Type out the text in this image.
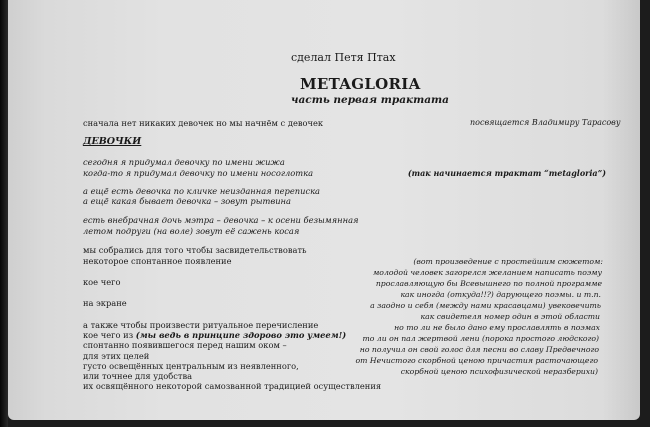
сделал Петя Птах

METAGLORIA

часть первая трактата

посвящается Владимиру Тарасову

сначала нет никаких девочек но мы начнём с девочек

ДЕВОЧКИ

сегодня я придумал девочку по имени жижа

когда-то я придумал девочку по имени носоглотка

а ещё есть девочка по кличке неизданная переписка

а ещё какая бывает девочка – зовут рытвина

есть внебрачная дочь мэтра – девочка – к осени безымянная

летом подруги (на воле) зовут её сажень косая

мы собрались для того чтобы засвидетельствовать

некоторое спонтанное появление

кое чего

на экране

а также чтобы произвести ритуальное перечисление

кое чего из (мы ведь в принципе здорово это умеем!)

спонтанно появившегося перед нашим оком –

для этих целей

густо освещённых центральным из неявленного,

или точнее для удобства

их освящённого некоторой самозванной традицией осуществления

(так начинается трактат “metagloria”)

(вот произведение с простейшим сюжетом:

молодой человек загорелся желанием написать поэму

прославляющую бы Всевышнего по полной программе

как иногда (откуда!!?) дарующего поэмы. и т.п.

а заодно и себя (между нами красавцами) увековечить

как свидетеля номер один в этой области

но то ли не было дано ему прославлять в поэмах

то ли он пал жертвой лени (порока простого людского)

но получил он свой голос для песни во славу Предвечного

от Нечистого скорбной ценою причастия расточающего

скорбной ценою психофизической неразберихи)
